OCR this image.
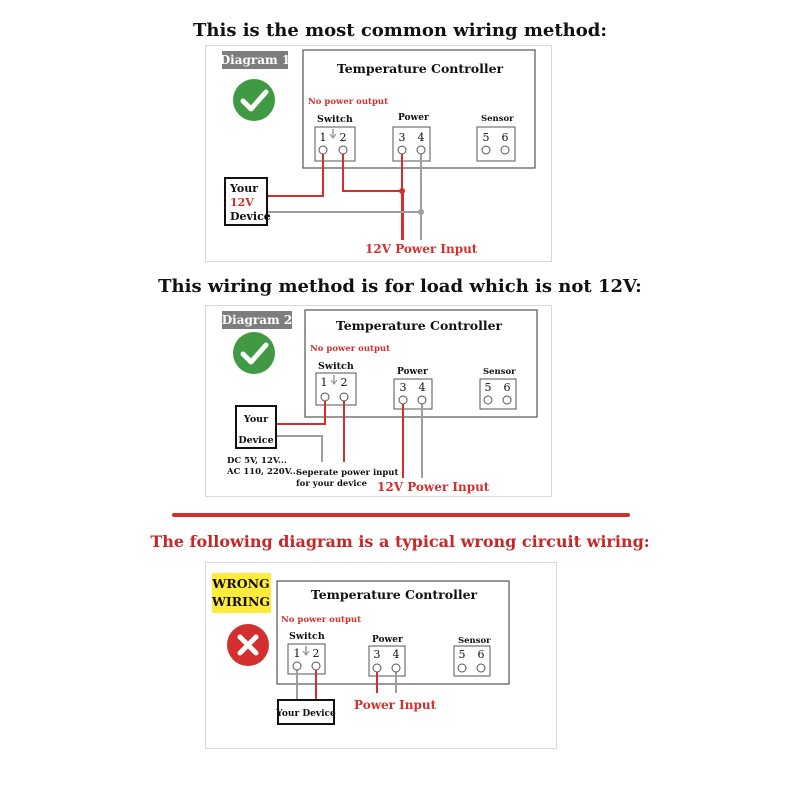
This is the most common wiring method:
This wiring method is for load which is not 12V:
The following diagram is a typical wrong circuit wiring:
Diagram 1
Temperature Controller
No power output
Switch	Power	Sensor
1 2	3 4	5 6
Your
12V
Device
12V Power Input
Diagram 2	Temperature Controller
No power output
Switch	Power	Sensor
1 2	3 4	5 6
Your
Device
DC 5V, 12V...
AC 110, 220V...
Seperate power input
for your device 12V Power Input
WRONG
WIRING	Temperature Controller
No power output
Switch	Power	Sensor
1 2	3 4	5 6
Your Device
Power Input
